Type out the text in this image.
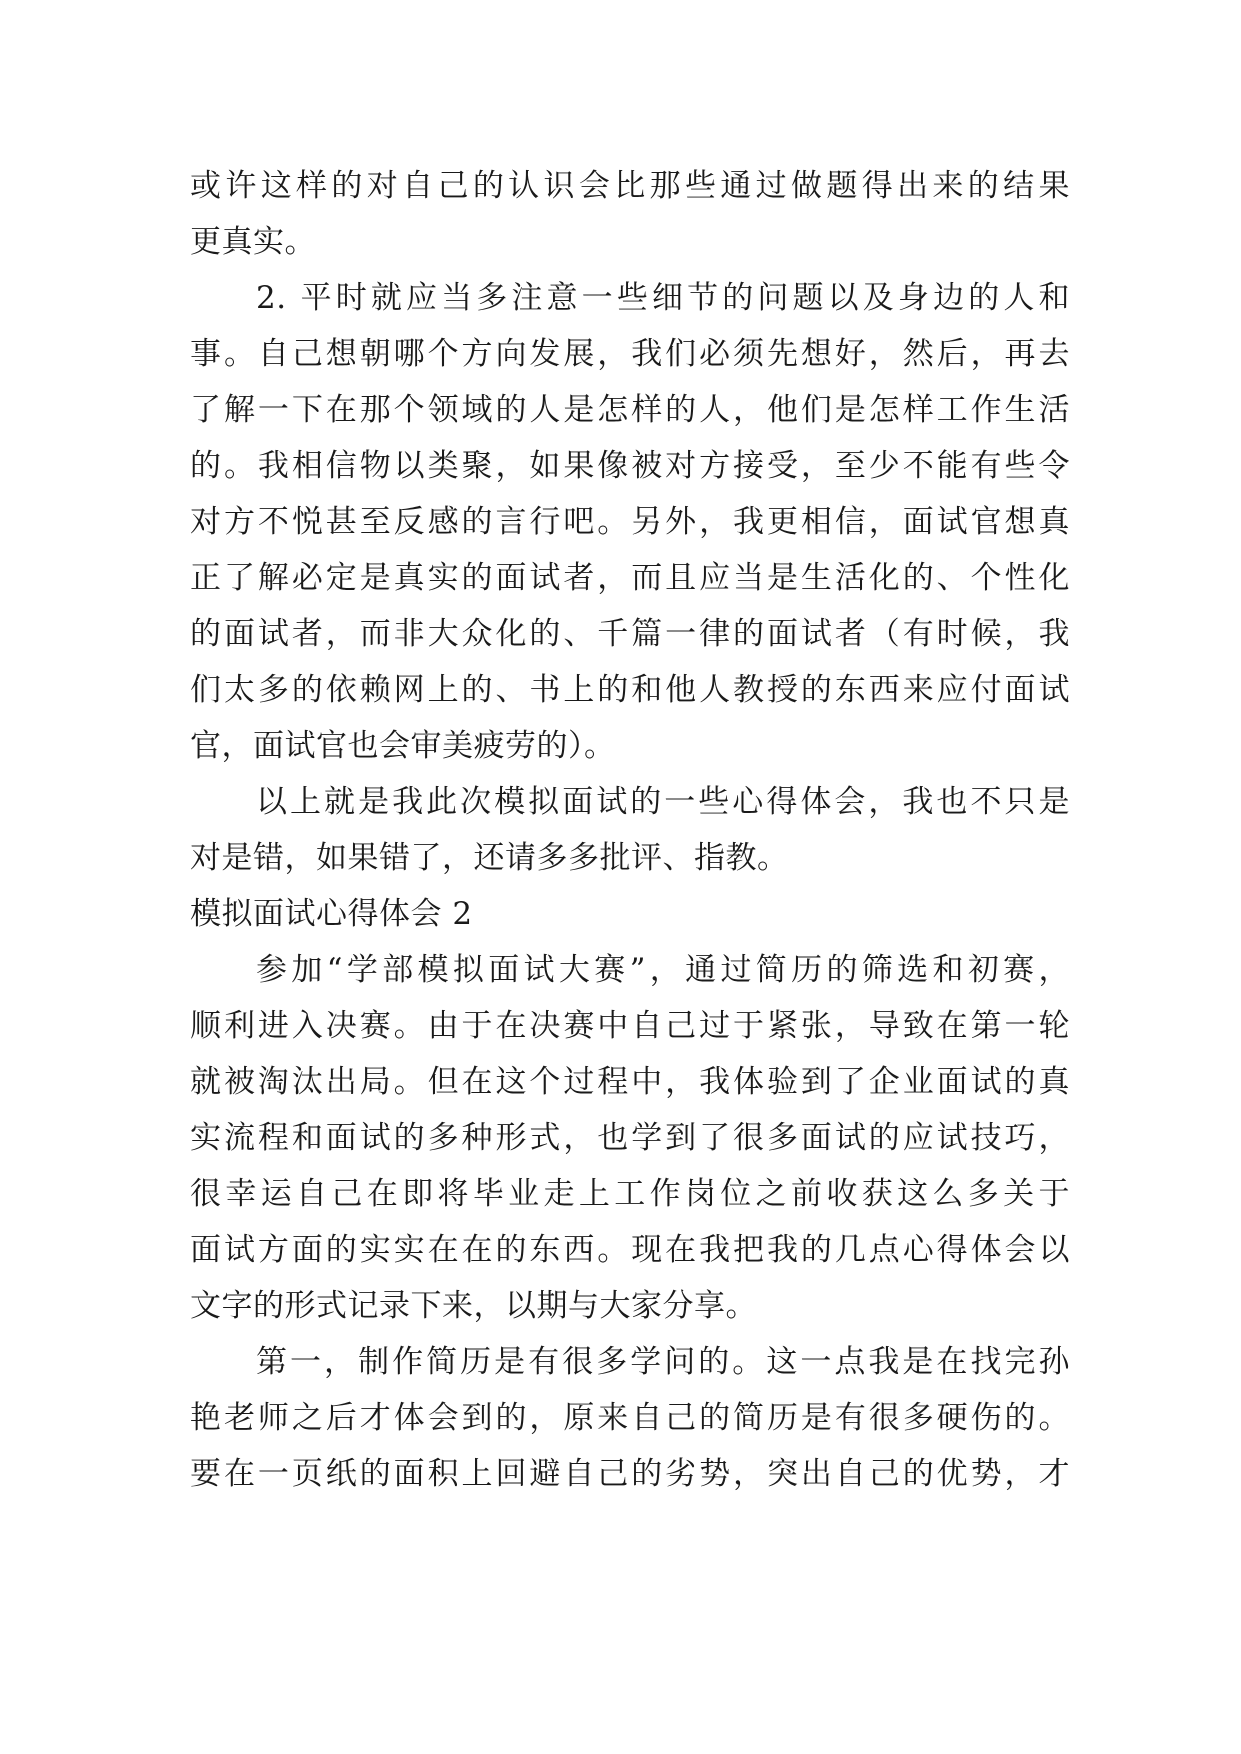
或许这样的对自己的认识会比那些通过做题得出来的结果
更真实。
2. 平时就应当多注意一些细节的问题以及身边的人和
事。自己想朝哪个方向发展，我们必须先想好，然后，再去
了解一下在那个领域的人是怎样的人，他们是怎样工作生活
的。我相信物以类聚，如果像被对方接受，至少不能有些令
对方不悦甚至反感的言行吧。另外，我更相信，面试官想真
正了解必定是真实的面试者，而且应当是生活化的、个性化
的面试者，而非大众化的、千篇一律的面试者（有时候，我
们太多的依赖网上的、书上的和他人教授的东西来应付面试
官，面试官也会审美疲劳的）。
以上就是我此次模拟面试的一些心得体会，我也不只是
对是错，如果错了，还请多多批评、指教。
模拟面试心得体会 2
参加“学部模拟面试大赛”，通过简历的筛选和初赛，
顺利进入决赛。由于在决赛中自己过于紧张，导致在第一轮
就被淘汰出局。但在这个过程中，我体验到了企业面试的真
实流程和面试的多种形式，也学到了很多面试的应试技巧，
很幸运自己在即将毕业走上工作岗位之前收获这么多关于
面试方面的实实在在的东西。现在我把我的几点心得体会以
文字的形式记录下来，以期与大家分享。
第一，制作简历是有很多学问的。这一点我是在找完孙
艳老师之后才体会到的，原来自己的简历是有很多硬伤的。
要在一页纸的面积上回避自己的劣势，突出自己的优势，才
